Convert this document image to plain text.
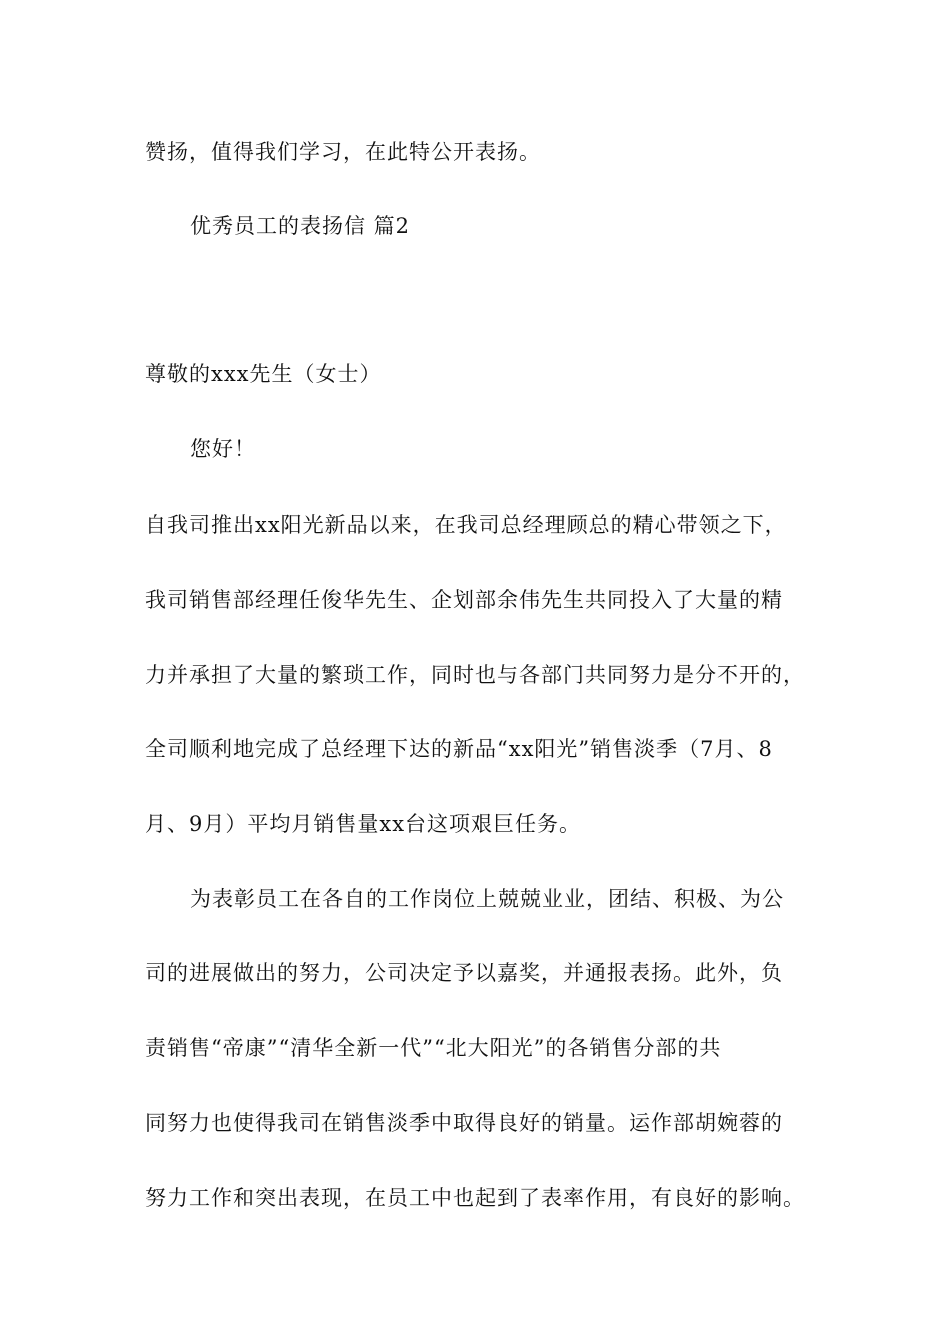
赞扬，值得我们学习，在此特公开表扬。
优秀员工的表扬信 篇2
尊敬的xxx先生（女士）
您好！
自我司推出xx阳光新品以来，在我司总经理顾总的精心带领之下，
我司销售部经理任俊华先生、企划部余伟先生共同投入了大量的精
力并承担了大量的繁琐工作，同时也与各部门共同努力是分不开的，
全司顺利地完成了总经理下达的新品“xx阳光”销售淡季（7月、8
月、9月）平均月销售量xx台这项艰巨任务。
为表彰员工在各自的工作岗位上兢兢业业，团结、积极、为公
司的进展做出的努力，公司决定予以嘉奖，并通报表扬。此外，负
责销售“帝康”“清华全新一代”“北大阳光”的各销售分部的共
同努力也使得我司在销售淡季中取得良好的销量。运作部胡婉蓉的
努力工作和突出表现，在员工中也起到了表率作用，有良好的影响。
